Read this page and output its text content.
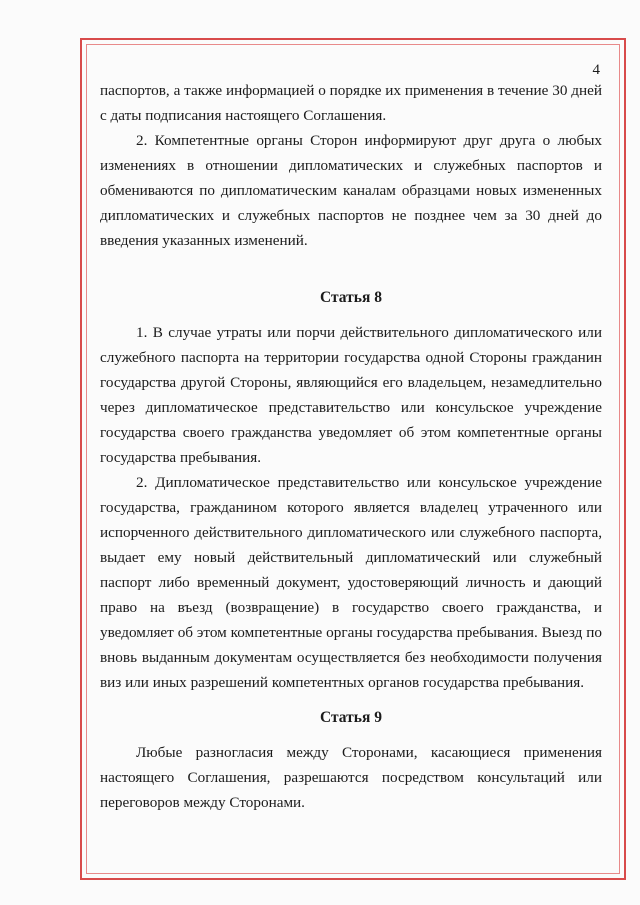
4

паспортов, а также информацией о порядке их применения в течение 30 дней с даты подписания настоящего Соглашения.

2. Компетентные органы Сторон информируют друг друга о любых изменениях в отношении дипломатических и служебных паспортов и обмениваются по дипломатическим каналам образцами новых измененных дипломатических и служебных паспортов не позднее чем за 30 дней до введения указанных изменений.

Статья 8

1. В случае утраты или порчи действительного дипломатического или служебного паспорта на территории государства одной Стороны гражданин государства другой Стороны, являющийся его владельцем, незамедлительно через дипломатическое представительство или консульское учреждение государства своего гражданства уведомляет об этом компетентные органы государства пребывания.

2. Дипломатическое представительство или консульское учреждение государства, гражданином которого является владелец утраченного или испорченного действительного дипломатического или служебного паспорта, выдает ему новый действительный дипломатический или служебный паспорт либо временный документ, удостоверяющий личность и дающий право на въезд (возвращение) в государство своего гражданства, и уведомляет об этом компетентные органы государства пребывания. Выезд по вновь выданным документам осуществляется без необходимости получения виз или иных разрешений компетентных органов государства пребывания.

Статья 9

Любые разногласия между Сторонами, касающиеся применения настоящего Соглашения, разрешаются посредством консультаций или переговоров между Сторонами.
